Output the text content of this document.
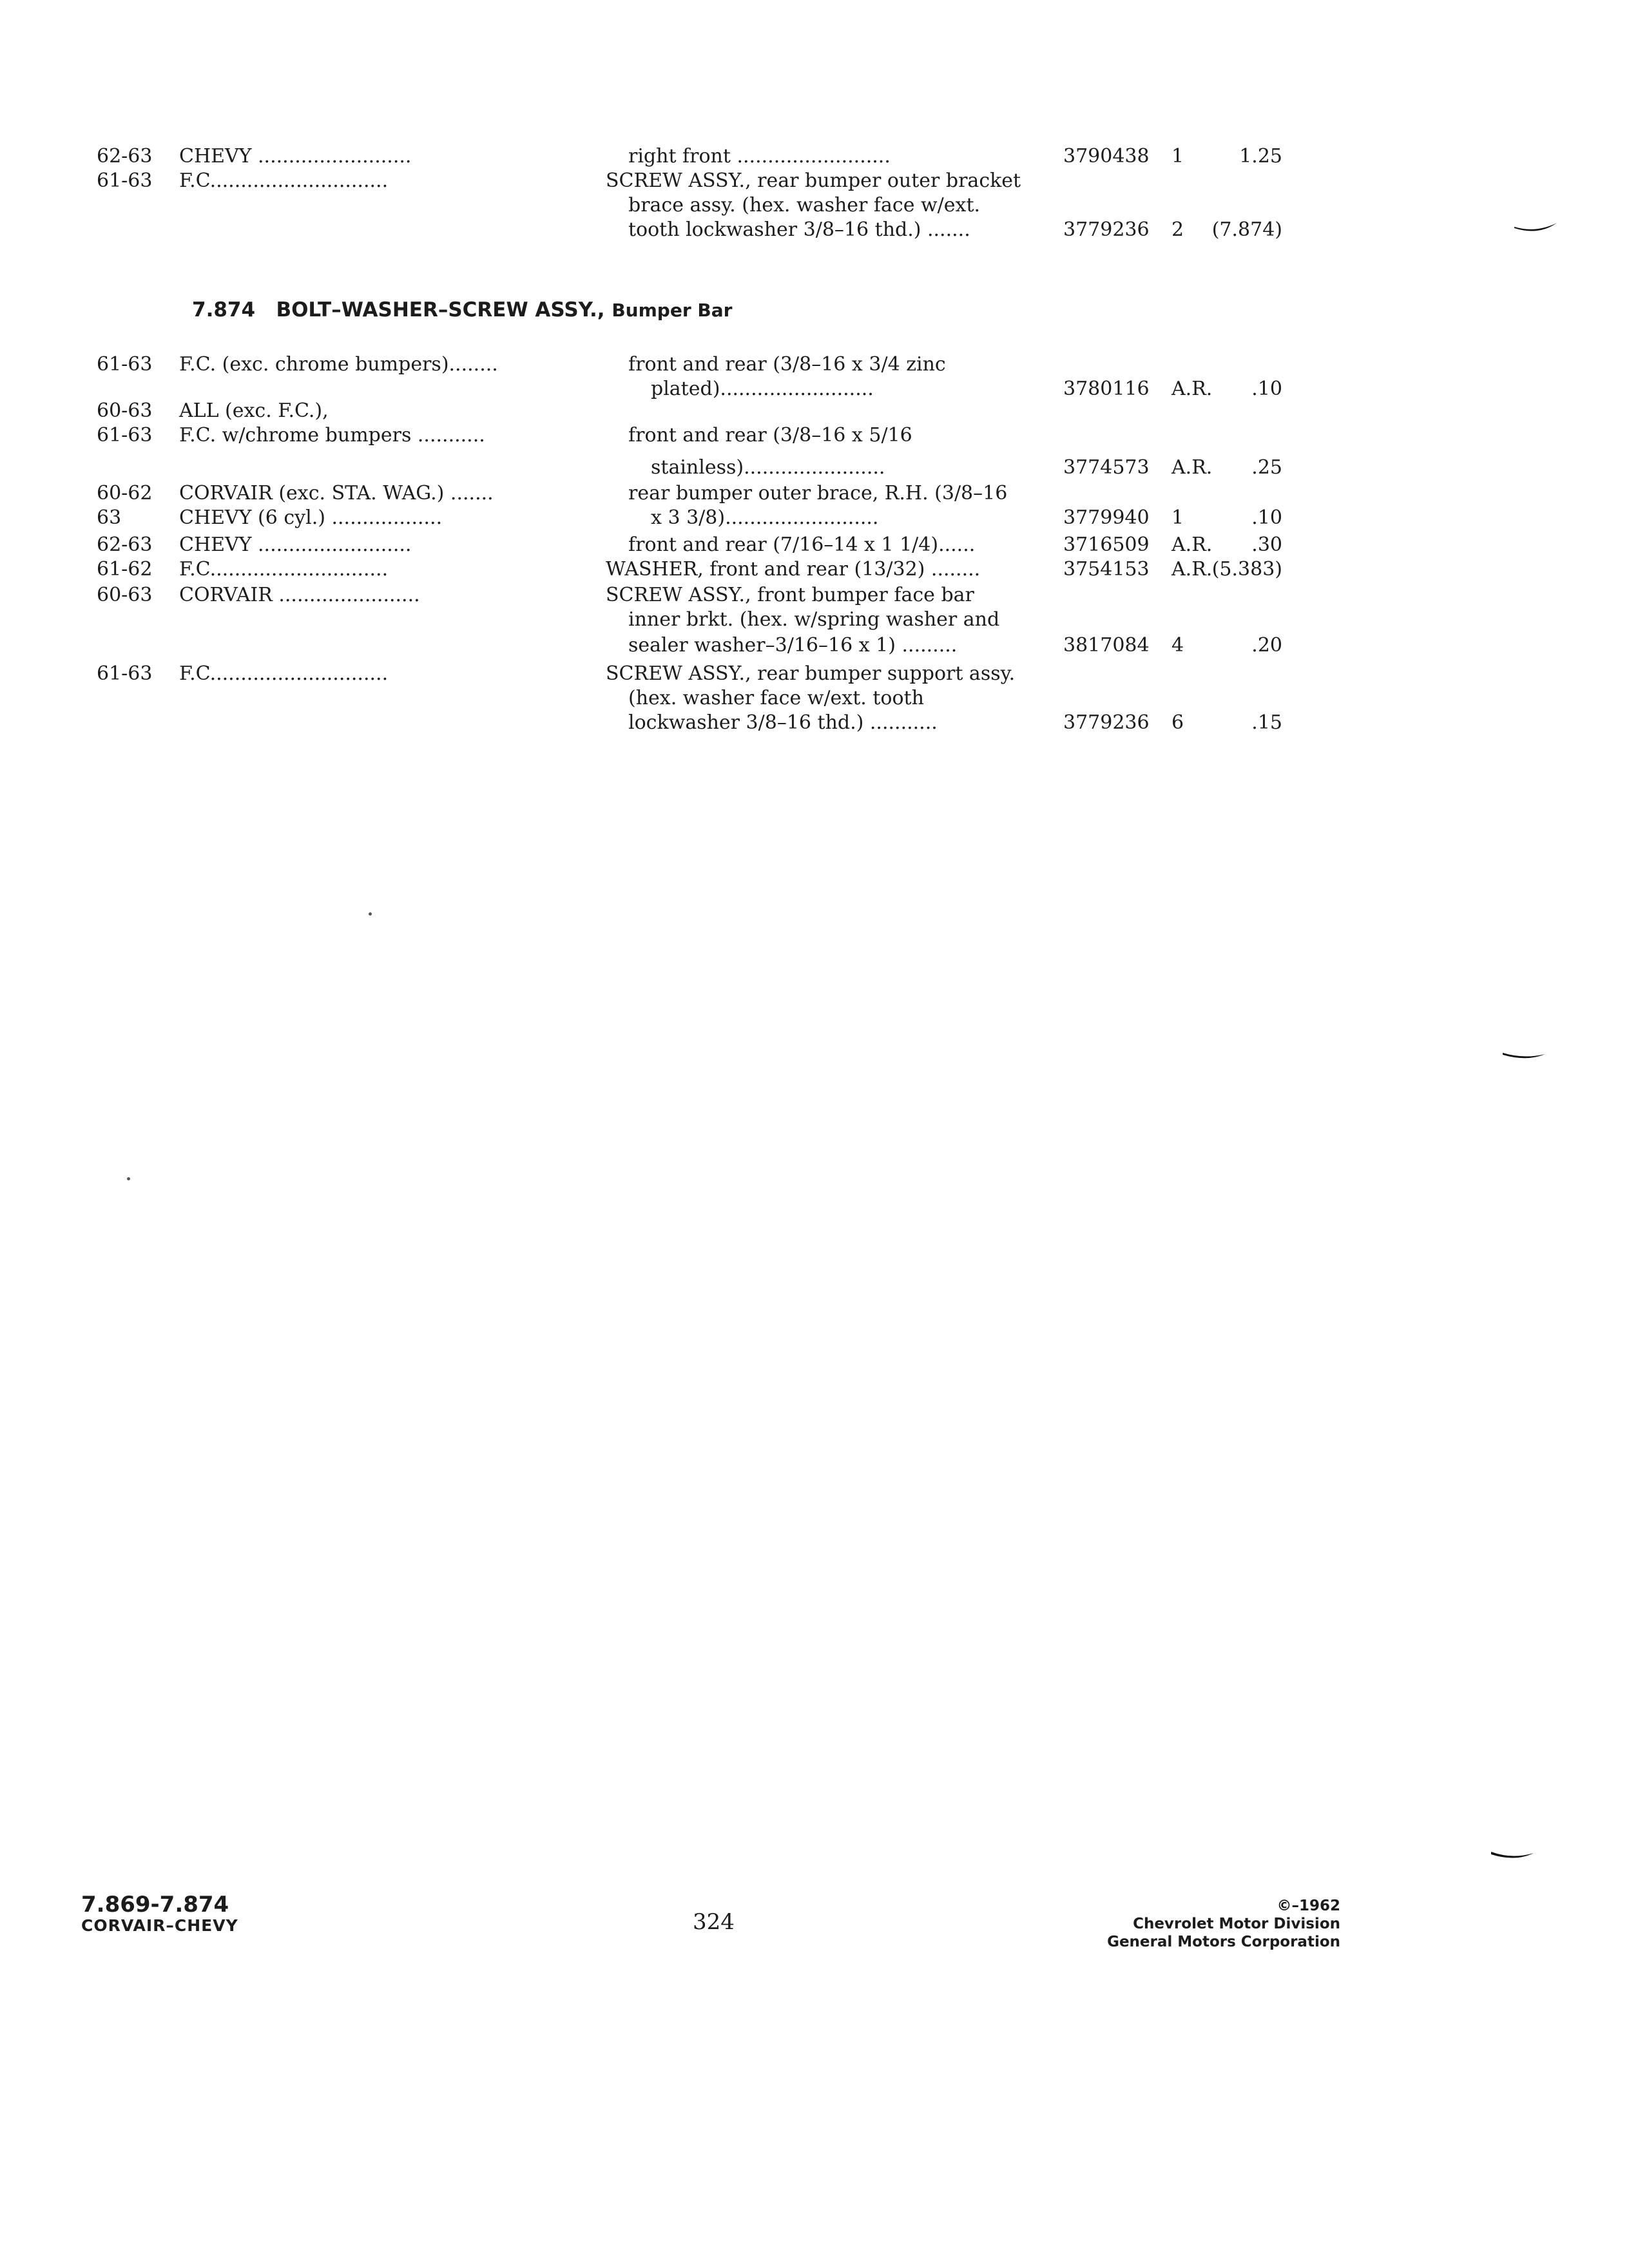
62-63	CHEVY .........................	right front .........................	3790438	1	1.25
61-63	F.C.............................	SCREW ASSY., rear bumper outer bracket
brace assy. (hex. washer face w/ext.
tooth lockwasher 3/8–16 thd.) .......	3779236	2	(7.874)
7.874 BOLT–WASHER–SCREW ASSY., Bumper Bar
61-63	F.C. (exc. chrome bumpers)........	front and rear (3/8–16 x 3/4 zinc
plated).........................	3780116	A.R.	.10
60-63	ALL (exc. F.C.),
61-63	F.C. w/chrome bumpers ...........	front and rear (3/8–16 x 5/16
stainless).......................	3774573	A.R.	.25
60-62	CORVAIR (exc. STA. WAG.) .......	rear bumper outer brace, R.H. (3/8–16
63	CHEVY (6 cyl.) ..................	x 3 3/8).........................	3779940	1	.10
62-63	CHEVY .........................	front and rear (7/16–14 x 1 1/4)......	3716509	A.R.	.30
61-62	F.C.............................	WASHER, front and rear (13/32) ........	3754153	A.R. (5.383)
60-63	CORVAIR .......................	SCREW ASSY., front bumper face bar
inner brkt. (hex. w/spring washer and
sealer washer–3/16–16 x 1) .........	3817084	4	.20
61-63	F.C.............................	SCREW ASSY., rear bumper support assy.
(hex. washer face w/ext. tooth
lockwasher 3/8–16 thd.) ...........	3779236	6	.15
7.869-7.874
CORVAIR–CHEVY	324
©–1962
Chevrolet Motor Division
General Motors Corporation
